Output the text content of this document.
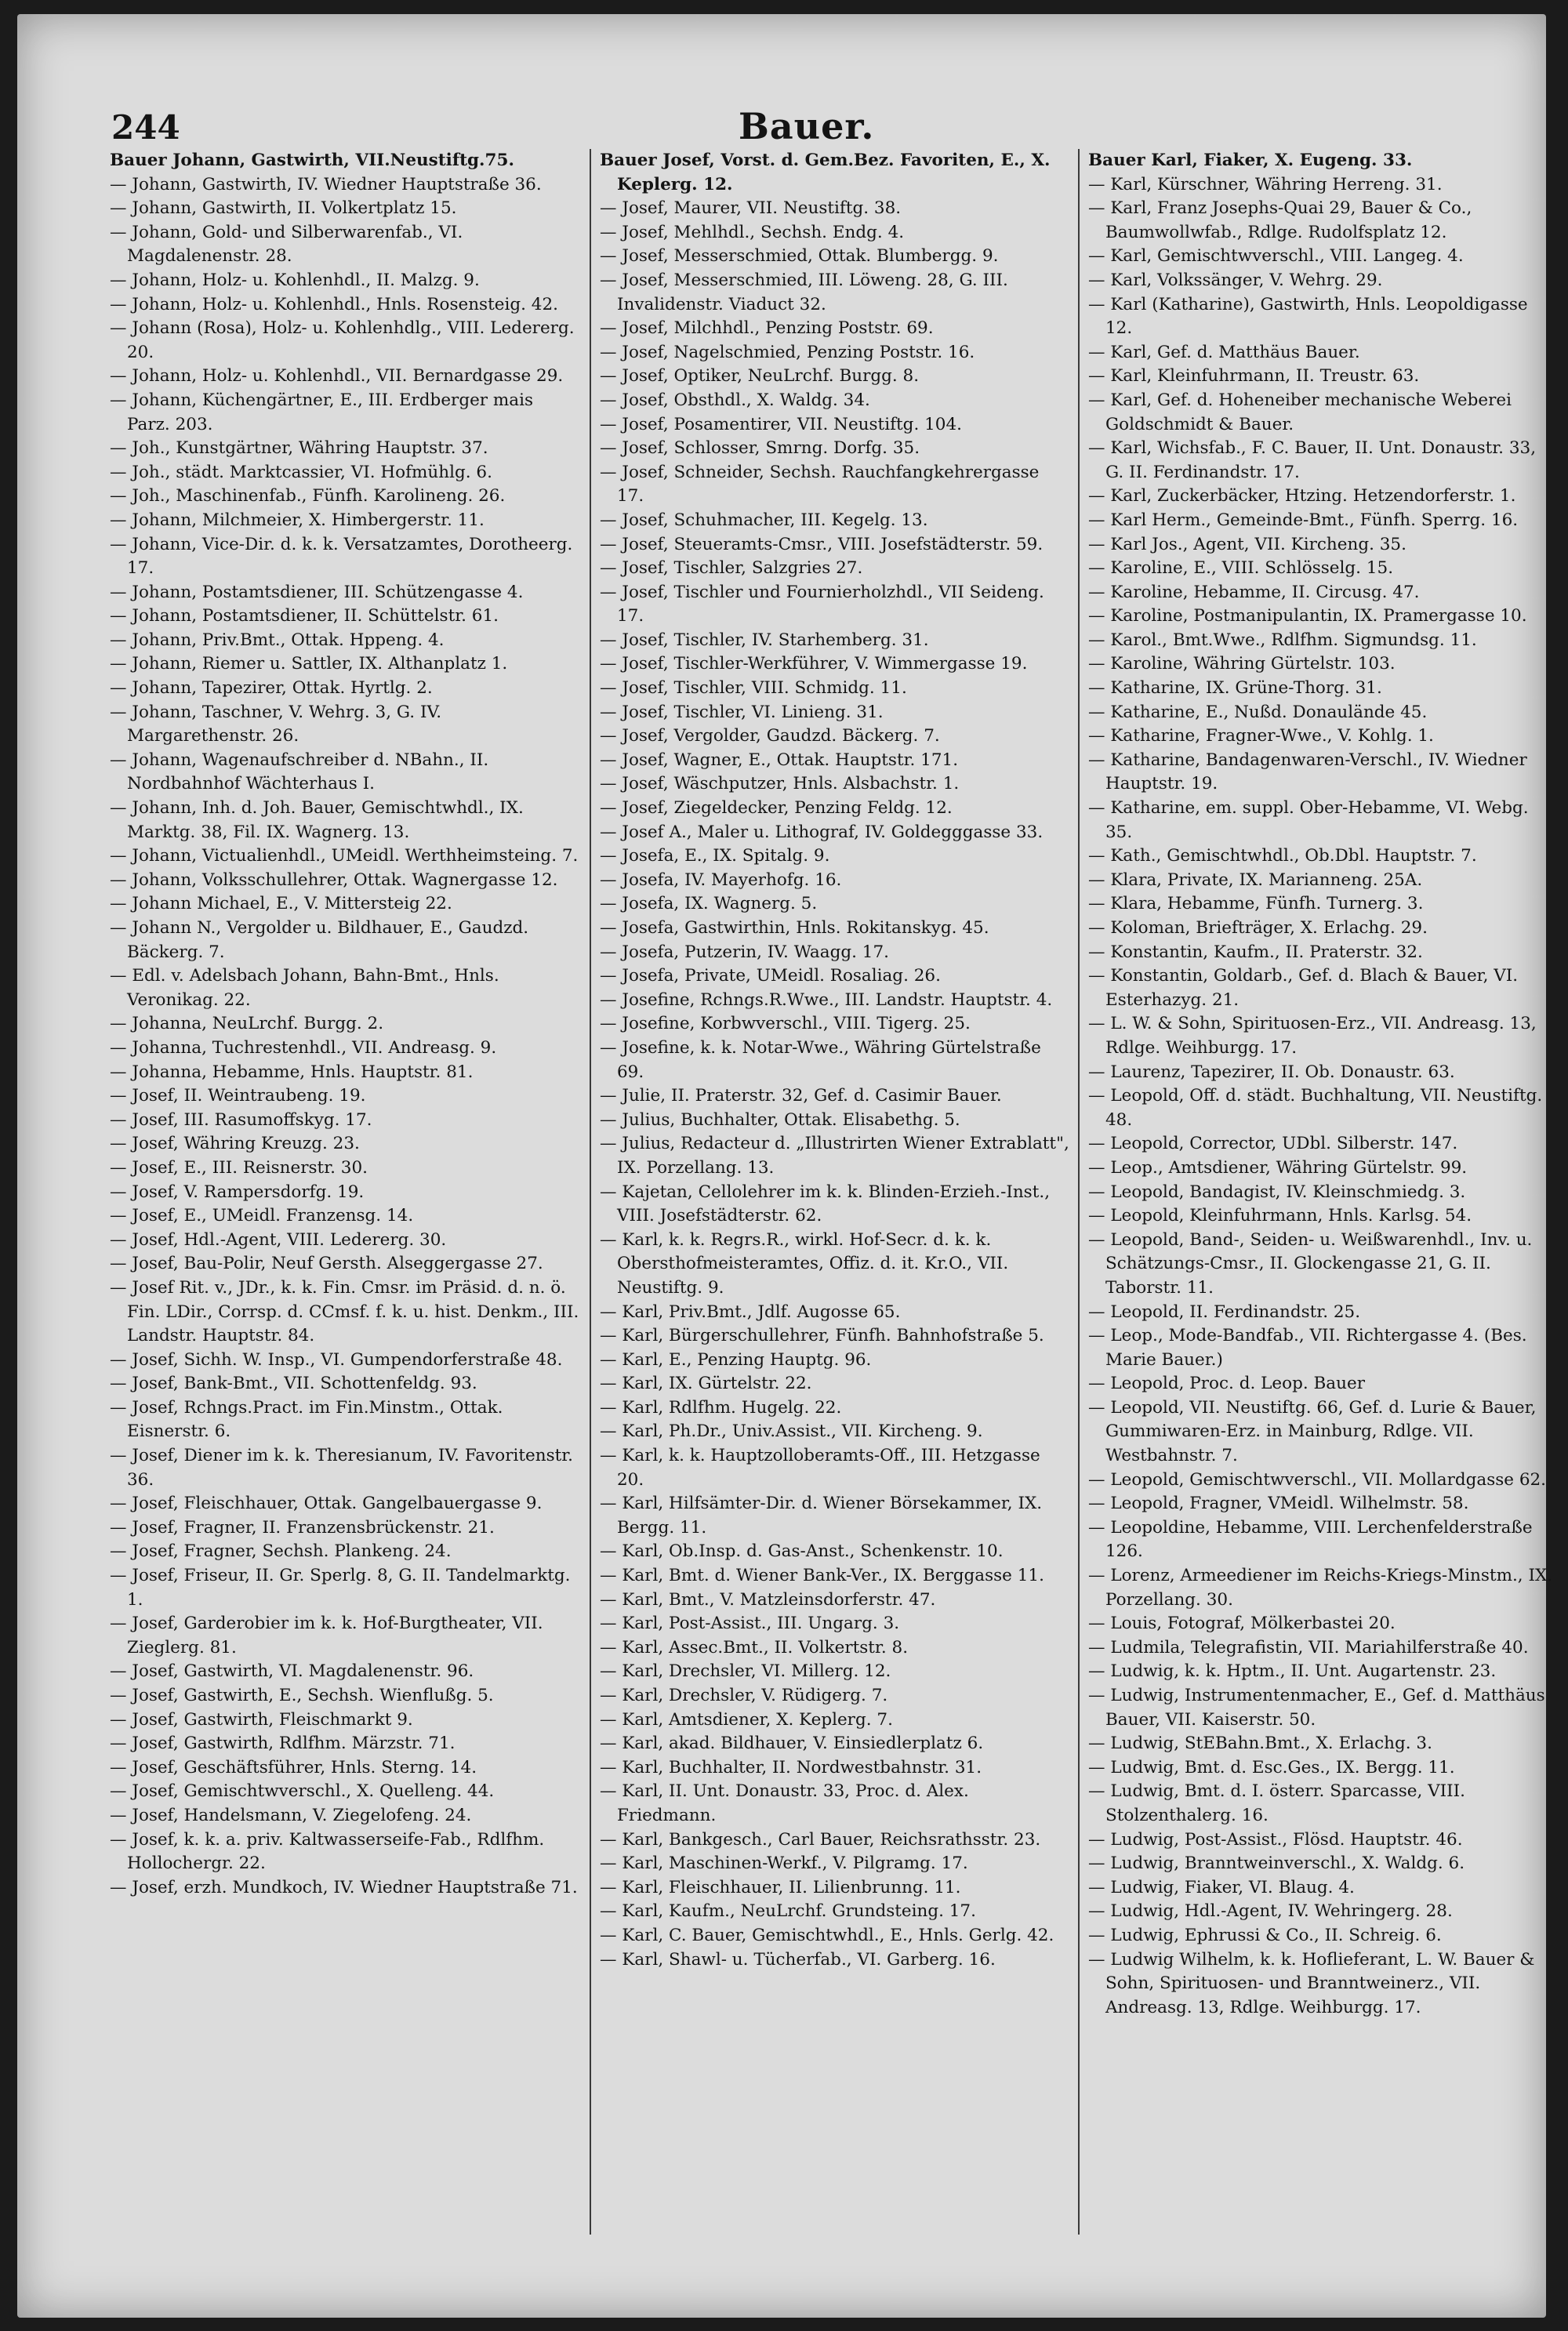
244	Bauer.

Bauer Johann, Gastwirth, VII.Neustiftg.75.

— Johann, Gastwirth, IV. Wiedner Hauptstraße 36.

— Johann, Gastwirth, II. Volkertplatz 15.

— Johann, Gold- und Silberwarenfab., VI. Magdalenenstr. 28.

— Johann, Holz- u. Kohlenhdl., II. Malzg. 9.

— Johann, Holz- u. Kohlenhdl., Hnls. Rosensteig. 42.

— Johann (Rosa), Holz- u. Kohlenhdlg., VIII. Ledererg. 20.

— Johann, Holz- u. Kohlenhdl., VII. Bernardgasse 29.

— Johann, Küchengärtner, E., III. Erdberger mais Parz. 203.

— Joh., Kunstgärtner, Währing Hauptstr. 37.

— Joh., städt. Marktcassier, VI. Hofmühlg. 6.

— Joh., Maschinenfab., Fünfh. Karolineng. 26.

— Johann, Milchmeier, X. Himbergerstr. 11.

— Johann, Vice-Dir. d. k. k. Versatzamtes, Dorotheerg. 17.

— Johann, Postamtsdiener, III. Schützengasse 4.

— Johann, Postamtsdiener, II. Schüttelstr. 61.

— Johann, Priv.Bmt., Ottak. Hppeng. 4.

— Johann, Riemer u. Sattler, IX. Althanplatz 1.

— Johann, Tapezirer, Ottak. Hyrtlg. 2.

— Johann, Taschner, V. Wehrg. 3, G. IV. Margarethenstr. 26.

— Johann, Wagenaufschreiber d. NBahn., II. Nordbahnhof Wächterhaus I.

— Johann, Inh. d. Joh. Bauer, Gemischtwhdl., IX. Marktg. 38, Fil. IX. Wagnerg. 13.

— Johann, Victualienhdl., UMeidl. Werthheimsteing. 7.

— Johann, Volksschullehrer, Ottak. Wagnergasse 12.

— Johann Michael, E., V. Mittersteig 22.

— Johann N., Vergolder u. Bildhauer, E., Gaudzd. Bäckerg. 7.

— Edl. v. Adelsbach Johann, Bahn-Bmt., Hnls. Veronikag. 22.

— Johanna, NeuLrchf. Burgg. 2.

— Johanna, Tuchrestenhdl., VII. Andreasg. 9.

— Johanna, Hebamme, Hnls. Hauptstr. 81.

— Josef, II. Weintraubeng. 19.

— Josef, III. Rasumoffskyg. 17.

— Josef, Währing Kreuzg. 23.

— Josef, E., III. Reisnerstr. 30.

— Josef, V. Rampersdorfg. 19.

— Josef, E., UMeidl. Franzensg. 14.

— Josef, Hdl.-Agent, VIII. Ledererg. 30.

— Josef, Bau-Polir, Neuf Gersth. Alseggergasse 27.

— Josef Rit. v., JDr., k. k. Fin. Cmsr. im Präsid. d. n. ö. Fin. LDir., Corrsp. d. CCmsf. f. k. u. hist. Denkm., III. Landstr. Hauptstr. 84.

— Josef, Sichh. W. Insp., VI. Gumpendorferstraße 48.

— Josef, Bank-Bmt., VII. Schottenfeldg. 93.

— Josef, Rchngs.Pract. im Fin.Minstm., Ottak. Eisnerstr. 6.

— Josef, Diener im k. k. Theresianum, IV. Favoritenstr. 36.

— Josef, Fleischhauer, Ottak. Gangelbauergasse 9.

— Josef, Fragner, II. Franzensbrückenstr. 21.

— Josef, Fragner, Sechsh. Plankeng. 24.

— Josef, Friseur, II. Gr. Sperlg. 8, G. II. Tandelmarktg. 1.

— Josef, Garderobier im k. k. Hof-Burgtheater, VII. Zieglerg. 81.

— Josef, Gastwirth, VI. Magdalenenstr. 96.

— Josef, Gastwirth, E., Sechsh. Wienflußg. 5.

— Josef, Gastwirth, Fleischmarkt 9.

— Josef, Gastwirth, Rdlfhm. Märzstr. 71.

— Josef, Geschäftsführer, Hnls. Sterng. 14.

— Josef, Gemischtwverschl., X. Quelleng. 44.

— Josef, Handelsmann, V. Ziegelofeng. 24.

— Josef, k. k. a. priv. Kaltwasserseife-Fab., Rdlfhm. Hollochergr. 22.

— Josef, erzh. Mundkoch, IV. Wiedner Hauptstraße 71.

Bauer Josef, Vorst. d. Gem.Bez. Favoriten, E., X. Keplerg. 12.

— Josef, Maurer, VII. Neustiftg. 38.

— Josef, Mehlhdl., Sechsh. Endg. 4.

— Josef, Messerschmied, Ottak. Blumbergg. 9.

— Josef, Messerschmied, III. Löweng. 28, G. III. Invalidenstr. Viaduct 32.

— Josef, Milchhdl., Penzing Poststr. 69.

— Josef, Nagelschmied, Penzing Poststr. 16.

— Josef, Optiker, NeuLrchf. Burgg. 8.

— Josef, Obsthdl., X. Waldg. 34.

— Josef, Posamentirer, VII. Neustiftg. 104.

— Josef, Schlosser, Smrng. Dorfg. 35.

— Josef, Schneider, Sechsh. Rauchfangkehrergasse 17.

— Josef, Schuhmacher, III. Kegelg. 13.

— Josef, Steueramts-Cmsr., VIII. Josefstädterstr. 59.

— Josef, Tischler, Salzgries 27.

— Josef, Tischler und Fournierholzhdl., VII Seideng. 17.

— Josef, Tischler, IV. Starhemberg. 31.

— Josef, Tischler-Werkführer, V. Wimmergasse 19.

— Josef, Tischler, VIII. Schmidg. 11.

— Josef, Tischler, VI. Linieng. 31.

— Josef, Vergolder, Gaudzd. Bäckerg. 7.

— Josef, Wagner, E., Ottak. Hauptstr. 171.

— Josef, Wäschputzer, Hnls. Alsbachstr. 1.

— Josef, Ziegeldecker, Penzing Feldg. 12.

— Josef A., Maler u. Lithograf, IV. Goldegggasse 33.

— Josefa, E., IX. Spitalg. 9.

— Josefa, IV. Mayerhofg. 16.

— Josefa, IX. Wagnerg. 5.

— Josefa, Gastwirthin, Hnls. Rokitanskyg. 45.

— Josefa, Putzerin, IV. Waagg. 17.

— Josefa, Private, UMeidl. Rosaliag. 26.

— Josefine, Rchngs.R.Wwe., III. Landstr. Hauptstr. 4.

— Josefine, Korbwverschl., VIII. Tigerg. 25.

— Josefine, k. k. Notar-Wwe., Währing Gürtelstraße 69.

— Julie, II. Praterstr. 32, Gef. d. Casimir Bauer.

— Julius, Buchhalter, Ottak. Elisabethg. 5.

— Julius, Redacteur d. „Illustrirten Wiener Extrablatt", IX. Porzellang. 13.

— Kajetan, Cellolehrer im k. k. Blinden-Erzieh.-Inst., VIII. Josefstädterstr. 62.

— Karl, k. k. Regrs.R., wirkl. Hof-Secr. d. k. k. Obersthofmeisteramtes, Offiz. d. it. Kr.O., VII. Neustiftg. 9.

— Karl, Priv.Bmt., Jdlf. Augosse 65.

— Karl, Bürgerschullehrer, Fünfh. Bahnhofstraße 5.

— Karl, E., Penzing Hauptg. 96.

— Karl, IX. Gürtelstr. 22.

— Karl, Rdlfhm. Hugelg. 22.

— Karl, Ph.Dr., Univ.Assist., VII. Kircheng. 9.

— Karl, k. k. Hauptzolloberamts-Off., III. Hetzgasse 20.

— Karl, Hilfsämter-Dir. d. Wiener Börsekammer, IX. Bergg. 11.

— Karl, Ob.Insp. d. Gas-Anst., Schenkenstr. 10.

— Karl, Bmt. d. Wiener Bank-Ver., IX. Berggasse 11.

— Karl, Bmt., V. Matzleinsdorferstr. 47.

— Karl, Post-Assist., III. Ungarg. 3.

— Karl, Assec.Bmt., II. Volkertstr. 8.

— Karl, Drechsler, VI. Millerg. 12.

— Karl, Drechsler, V. Rüdigerg. 7.

— Karl, Amtsdiener, X. Keplerg. 7.

— Karl, akad. Bildhauer, V. Einsiedlerplatz 6.

— Karl, Buchhalter, II. Nordwestbahnstr. 31.

— Karl, II. Unt. Donaustr. 33, Proc. d. Alex. Friedmann.

— Karl, Bankgesch., Carl Bauer, Reichsrathsstr. 23.

— Karl, Maschinen-Werkf., V. Pilgramg. 17.

— Karl, Fleischhauer, II. Lilienbrunng. 11.

— Karl, Kaufm., NeuLrchf. Grundsteing. 17.

— Karl, C. Bauer, Gemischtwhdl., E., Hnls. Gerlg. 42.

— Karl, Shawl- u. Tücherfab., VI. Garberg. 16.

Bauer Karl, Fiaker, X. Eugeng. 33.

— Karl, Kürschner, Währing Herreng. 31.

— Karl, Franz Josephs-Quai 29, Bauer & Co., Baumwollwfab., Rdlge. Rudolfsplatz 12.

— Karl, Gemischtwverschl., VIII. Langeg. 4.

— Karl, Volkssänger, V. Wehrg. 29.

— Karl (Katharine), Gastwirth, Hnls. Leopoldigasse 12.

— Karl, Gef. d. Matthäus Bauer.

— Karl, Kleinfuhrmann, II. Treustr. 63.

— Karl, Gef. d. Hoheneiber mechanische Weberei Goldschmidt & Bauer.

— Karl, Wichsfab., F. C. Bauer, II. Unt. Donaustr. 33, G. II. Ferdinandstr. 17.

— Karl, Zuckerbäcker, Htzing. Hetzendorferstr. 1.

— Karl Herm., Gemeinde-Bmt., Fünfh. Sperrg. 16.

— Karl Jos., Agent, VII. Kircheng. 35.

— Karoline, E., VIII. Schlösselg. 15.

— Karoline, Hebamme, II. Circusg. 47.

— Karoline, Postmanipulantin, IX. Pramergasse 10.

— Karol., Bmt.Wwe., Rdlfhm. Sigmundsg. 11.

— Karoline, Währing Gürtelstr. 103.

— Katharine, IX. Grüne-Thorg. 31.

— Katharine, E., Nußd. Donaulände 45.

— Katharine, Fragner-Wwe., V. Kohlg. 1.

— Katharine, Bandagenwaren-Verschl., IV. Wiedner Hauptstr. 19.

— Katharine, em. suppl. Ober-Hebamme, VI. Webg. 35.

— Kath., Gemischtwhdl., Ob.Dbl. Hauptstr. 7.

— Klara, Private, IX. Marianneng. 25A.

— Klara, Hebamme, Fünfh. Turnerg. 3.

— Koloman, Briefträger, X. Erlachg. 29.

— Konstantin, Kaufm., II. Praterstr. 32.

— Konstantin, Goldarb., Gef. d. Blach & Bauer, VI. Esterhazyg. 21.

— L. W. & Sohn, Spirituosen-Erz., VII. Andreasg. 13, Rdlge. Weihburgg. 17.

— Laurenz, Tapezirer, II. Ob. Donaustr. 63.

— Leopold, Off. d. städt. Buchhaltung, VII. Neustiftg. 48.

— Leopold, Corrector, UDbl. Silberstr. 147.

— Leop., Amtsdiener, Währing Gürtelstr. 99.

— Leopold, Bandagist, IV. Kleinschmiedg. 3.

— Leopold, Kleinfuhrmann, Hnls. Karlsg. 54.

— Leopold, Band-, Seiden- u. Weißwarenhdl., Inv. u. Schätzungs-Cmsr., II. Glockengasse 21, G. II. Taborstr. 11.

— Leopold, II. Ferdinandstr. 25.

— Leop., Mode-Bandfab., VII. Richtergasse 4. (Bes. Marie Bauer.)

— Leopold, Proc. d. Leop. Bauer

— Leopold, VII. Neustiftg. 66, Gef. d. Lurie & Bauer, Gummiwaren-Erz. in Mainburg, Rdlge. VII. Westbahnstr. 7.

— Leopold, Gemischtwverschl., VII. Mollardgasse 62.

— Leopold, Fragner, VMeidl. Wilhelmstr. 58.

— Leopoldine, Hebamme, VIII. Lerchenfelderstraße 126.

— Lorenz, Armeediener im Reichs-Kriegs-Minstm., IX. Porzellang. 30.

— Louis, Fotograf, Mölkerbastei 20.

— Ludmila, Telegrafistin, VII. Mariahilferstraße 40.

— Ludwig, k. k. Hptm., II. Unt. Augartenstr. 23.

— Ludwig, Instrumentenmacher, E., Gef. d. Matthäus Bauer, VII. Kaiserstr. 50.

— Ludwig, StEBahn.Bmt., X. Erlachg. 3.

— Ludwig, Bmt. d. Esc.Ges., IX. Bergg. 11.

— Ludwig, Bmt. d. I. österr. Sparcasse, VIII. Stolzenthalerg. 16.

— Ludwig, Post-Assist., Flösd. Hauptstr. 46.

— Ludwig, Branntweinverschl., X. Waldg. 6.

— Ludwig, Fiaker, VI. Blaug. 4.

— Ludwig, Hdl.-Agent, IV. Wehringerg. 28.

— Ludwig, Ephrussi & Co., II. Schreig. 6.

— Ludwig Wilhelm, k. k. Hoflieferant, L. W. Bauer & Sohn, Spirituosen- und Branntweinerz., VII. Andreasg. 13, Rdlge. Weihburgg. 17.
